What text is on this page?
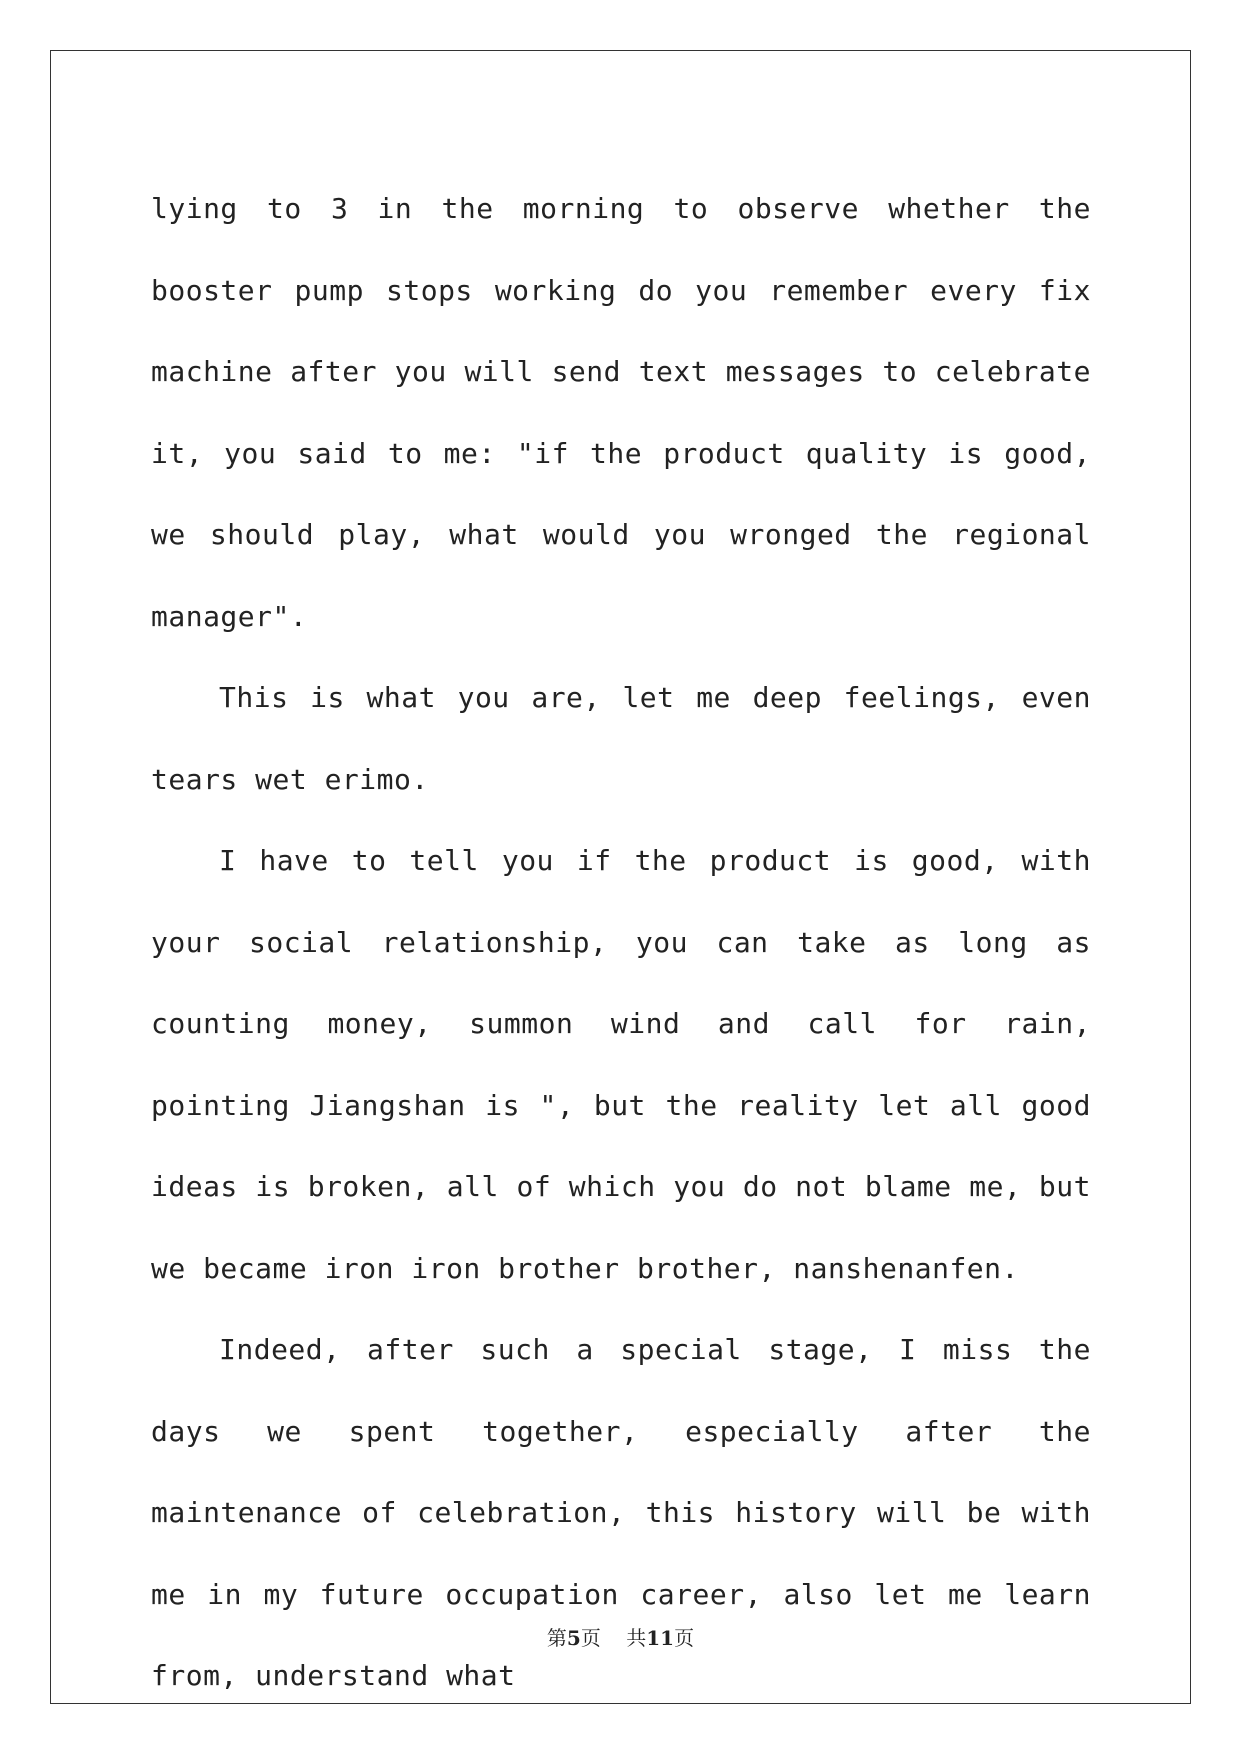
lying to 3 in the morning to observe whether the booster pump stops working do you remember every fix machine after you will send text messages to celebrate it, you said to me: "if the product quality is good, we should play, what would you wronged the regional manager".

This is what you are, let me deep feelings, even tears wet erimo.

I have to tell you if the product is good, with your social relationship, you can take as long as counting money, summon wind and call for rain, pointing Jiangshan is ", but the reality let all good ideas is broken, all of which you do not blame me, but we became iron iron brother brother, nanshenanfen.

Indeed, after such a special stage, I miss the days we spent together, especially after the maintenance of celebration, this history will be with me in my future occupation career, also let me learn from, understand what

第5页 共11页
